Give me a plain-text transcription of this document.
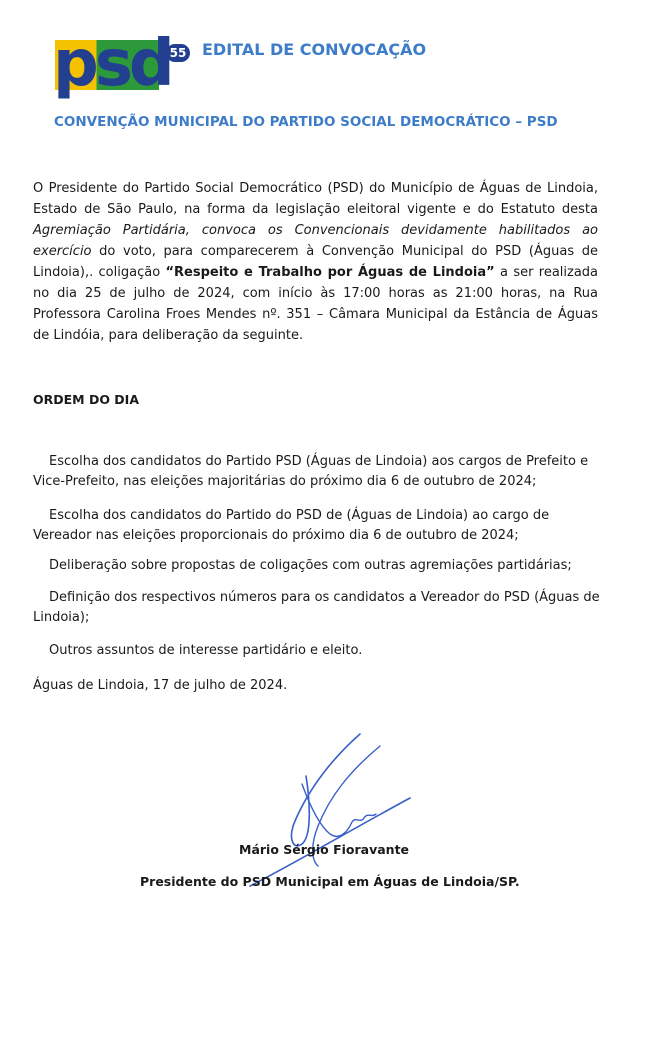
psd
55 EDITAL DE CONVOCAÇÃO
CONVENÇÃO MUNICIPAL DO PARTIDO SOCIAL DEMOCRÁTICO – PSD

O Presidente do Partido Social Democrático (PSD) do Município de Águas de Lindoia, Estado de São Paulo, na forma da legislação eleitoral vigente e do Estatuto desta Agremiação Partidária, convoca os Convencionais devidamente habilitados ao exercício do voto, para comparecerem à Convenção Municipal do PSD (Águas de Lindoia),. coligação “Respeito e Trabalho por Águas de Lindoia” a ser realizada no dia 25 de julho de 2024, com início às 17:00 horas as 21:00 horas, na Rua Professora Carolina Froes Mendes nº. 351 – Câmara Municipal da Estância de Águas de Lindóia, para deliberação da seguinte.

ORDEM DO DIA

Escolha dos candidatos do Partido PSD (Águas de Lindoia) aos cargos de Prefeito e Vice-Prefeito, nas eleições majoritárias do próximo dia 6 de outubro de 2024;

Escolha dos candidatos do Partido do PSD de (Águas de Lindoia) ao cargo de Vereador nas eleições proporcionais do próximo dia 6 de outubro de 2024;

Deliberação sobre propostas de coligações com outras agremiações partidárias;

Definição dos respectivos números para os candidatos a Vereador do PSD (Águas de Lindoia);

Outros assuntos de interesse partidário e eleito.

Águas de Lindoia, 17 de julho de 2024.
Mário Sérgio Fioravante
Presidente do PSD Municipal em Águas de Lindoia/SP.
